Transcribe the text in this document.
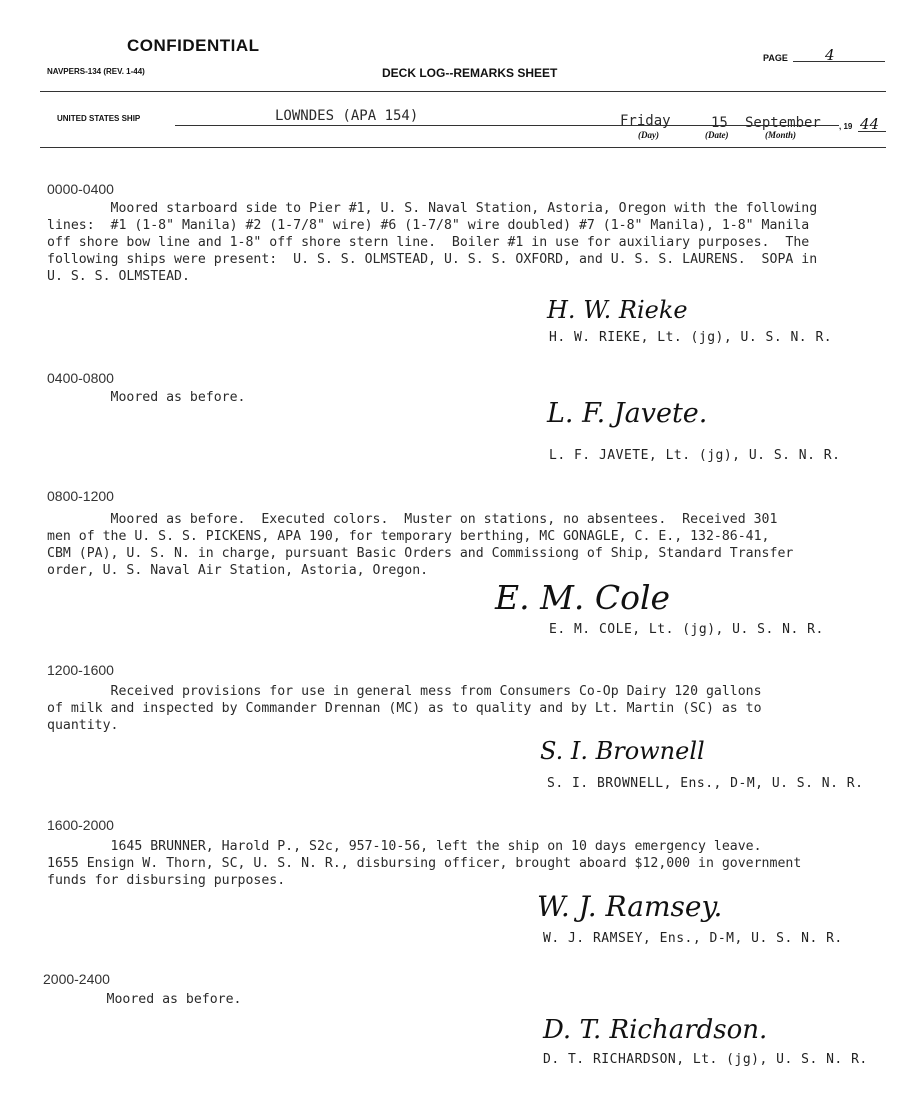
CONFIDENTIAL
NAVPERS-134 (REV. 1-44)	DECK LOG--REMARKS SHEET
PAGE 4
UNITED STATES SHIP	LOWNDES (APA 154)	Friday
(Day)
15
(Date)
September
(Month)
, 19 44
0000-0400
Moored starboard side to Pier #1, U. S. Naval Station, Astoria, Oregon with the following
lines:  #1 (1-8" Manila) #2 (1-7/8" wire) #6 (1-7/8" wire doubled) #7 (1-8" Manila), 1-8" Manila
off shore bow line and 1-8" off shore stern line.  Boiler #1 in use for auxiliary purposes.  The
following ships were present:  U. S. S. OLMSTEAD, U. S. S. OXFORD, and U. S. S. LAURENS.  SOPA in
U. S. S. OLMSTEAD.
H. W. Rieke
H. W. RIEKE, Lt. (jg), U. S. N. R.
0400-0800
Moored as before.
L. F. Javete.
L. F. JAVETE, Lt. (jg), U. S. N. R.
0800-1200
Moored as before.  Executed colors.  Muster on stations, no absentees.  Received 301
men of the U. S. S. PICKENS, APA 190, for temporary berthing, MC GONAGLE, C. E., 132-86-41,
CBM (PA), U. S. N. in charge, pursuant Basic Orders and Commissiong of Ship, Standard Transfer
order, U. S. Naval Air Station, Astoria, Oregon.
E. M. Cole
E. M. COLE, Lt. (jg), U. S. N. R.
1200-1600
Received provisions for use in general mess from Consumers Co-Op Dairy 120 gallons
of milk and inspected by Commander Drennan (MC) as to quality and by Lt. Martin (SC) as to
quantity.
S. I. Brownell
S. I. BROWNELL, Ens., D-M, U. S. N. R.
1600-2000
1645 BRUNNER, Harold P., S2c, 957-10-56, left the ship on 10 days emergency leave.
1655 Ensign W. Thorn, SC, U. S. N. R., disbursing officer, brought aboard $12,000 in government
funds for disbursing purposes.
W. J. Ramsey.
W. J. RAMSEY, Ens., D-M, U. S. N. R.
2000-2400
Moored as before.
D. T. Richardson.
D. T. RICHARDSON, Lt. (jg), U. S. N. R.
